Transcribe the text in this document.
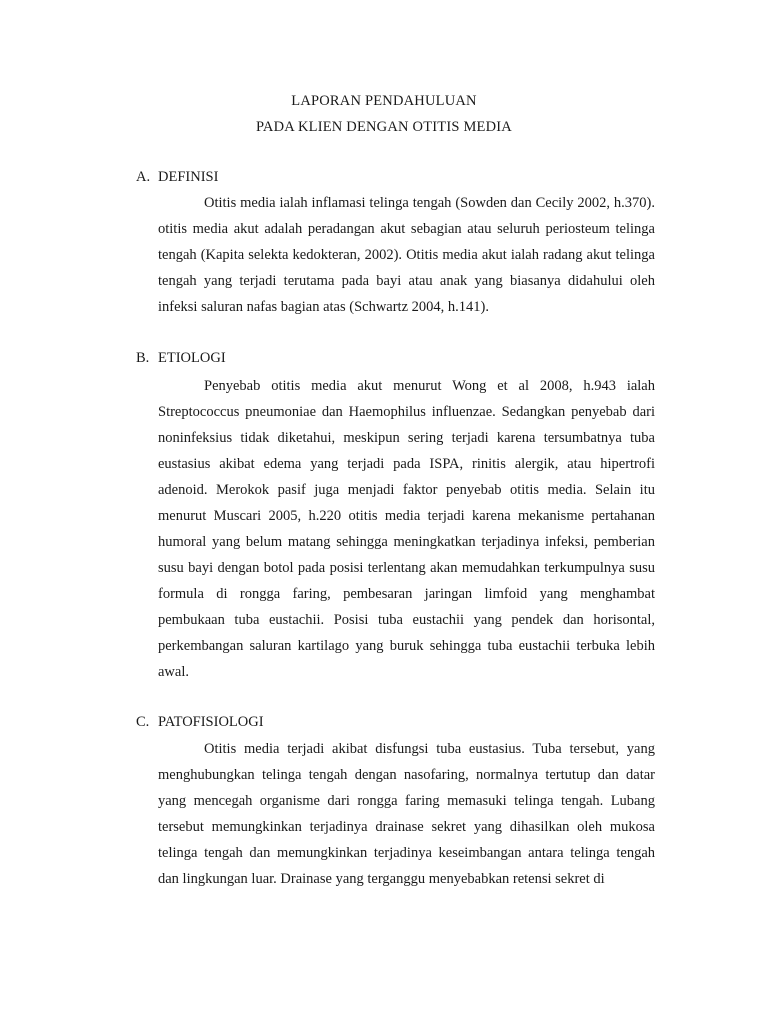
LAPORAN PENDAHULUAN
PADA KLIEN DENGAN OTITIS MEDIA
A. DEFINISI

Otitis media ialah inflamasi telinga tengah (Sowden dan Cecily 2002, h.370). otitis media akut adalah peradangan akut sebagian atau seluruh periosteum telinga tengah (Kapita selekta kedokteran, 2002). Otitis media akut ialah radang akut telinga tengah yang terjadi terutama pada bayi atau anak yang biasanya didahului oleh infeksi saluran nafas bagian atas (Schwartz 2004, h.141).

B. ETIOLOGI

Penyebab otitis media akut menurut Wong et al 2008, h.943 ialah Streptococcus pneumoniae dan Haemophilus influenzae. Sedangkan penyebab dari noninfeksius tidak diketahui, meskipun sering terjadi karena tersumbatnya tuba eustasius akibat edema yang terjadi pada ISPA, rinitis alergik, atau hipertrofi adenoid. Merokok pasif juga menjadi faktor penyebab otitis media. Selain itu menurut Muscari 2005, h.220 otitis media terjadi karena mekanisme pertahanan humoral yang belum matang sehingga meningkatkan terjadinya infeksi, pemberian susu bayi dengan botol pada posisi terlentang akan memudahkan terkumpulnya susu formula di rongga faring, pembesaran jaringan limfoid yang menghambat pembukaan tuba eustachii. Posisi tuba eustachii yang pendek dan horisontal, perkembangan saluran kartilago yang buruk sehingga tuba eustachii terbuka lebih awal.

C. PATOFISIOLOGI

Otitis media terjadi akibat disfungsi tuba eustasius. Tuba tersebut, yang menghubungkan telinga tengah dengan nasofaring, normalnya tertutup dan datar yang mencegah organisme dari rongga faring memasuki telinga tengah. Lubang tersebut memungkinkan terjadinya drainase sekret yang dihasilkan oleh mukosa telinga tengah dan memungkinkan terjadinya keseimbangan antara telinga tengah dan lingkungan luar. Drainase yang terganggu menyebabkan retensi sekret di
